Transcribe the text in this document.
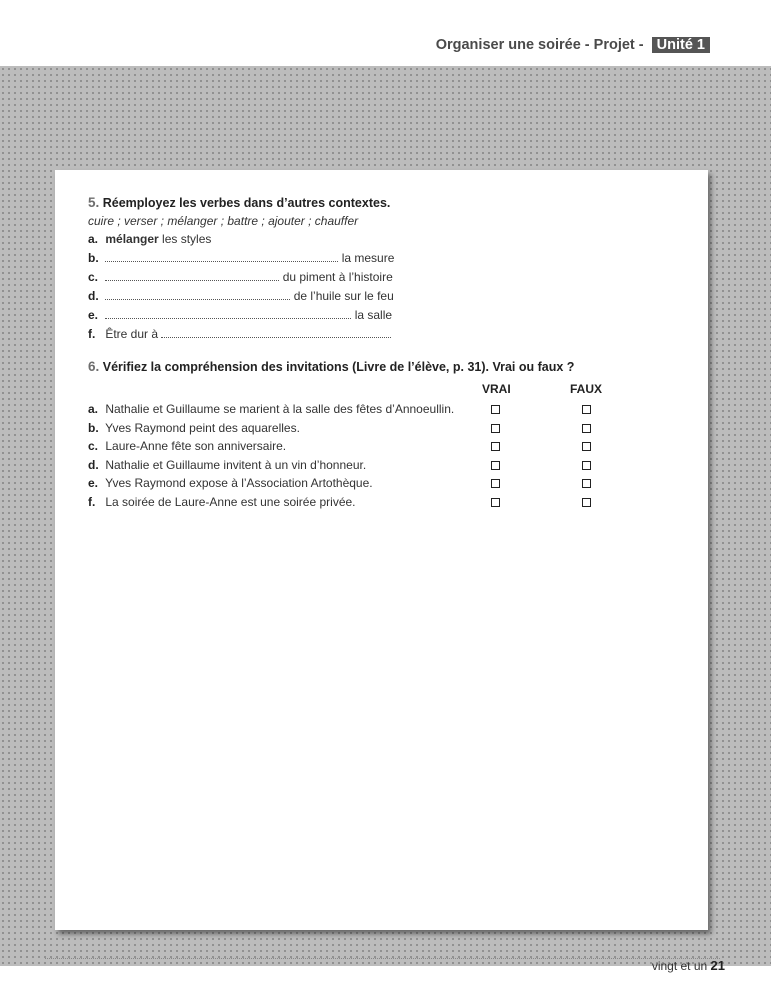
Organiser une soirée - Projet - Unité 1
5. Réemployez les verbes dans d’autres contextes.
cuire ; verser ; mélanger ; battre ; ajouter ; chauffer
a. mélanger les styles
b.	la mesure
c.	du piment à l’histoire
d.	de l’huile sur le feu
e.	la salle
f. Être dur à
6. Vérifiez la compréhension des invitations (Livre de l’élève, p. 31). Vrai ou faux ?
VRAI	FAUX
a. Nathalie et Guillaume se marient à la salle des fêtes d’Annoeullin.
b. Yves Raymond peint des aquarelles.
c. Laure-Anne fête son anniversaire.
d. Nathalie et Guillaume invitent à un vin d’honneur.
e. Yves Raymond expose à l’Association Artothèque.
f. La soirée de Laure-Anne est une soirée privée.
vingt et un 21
